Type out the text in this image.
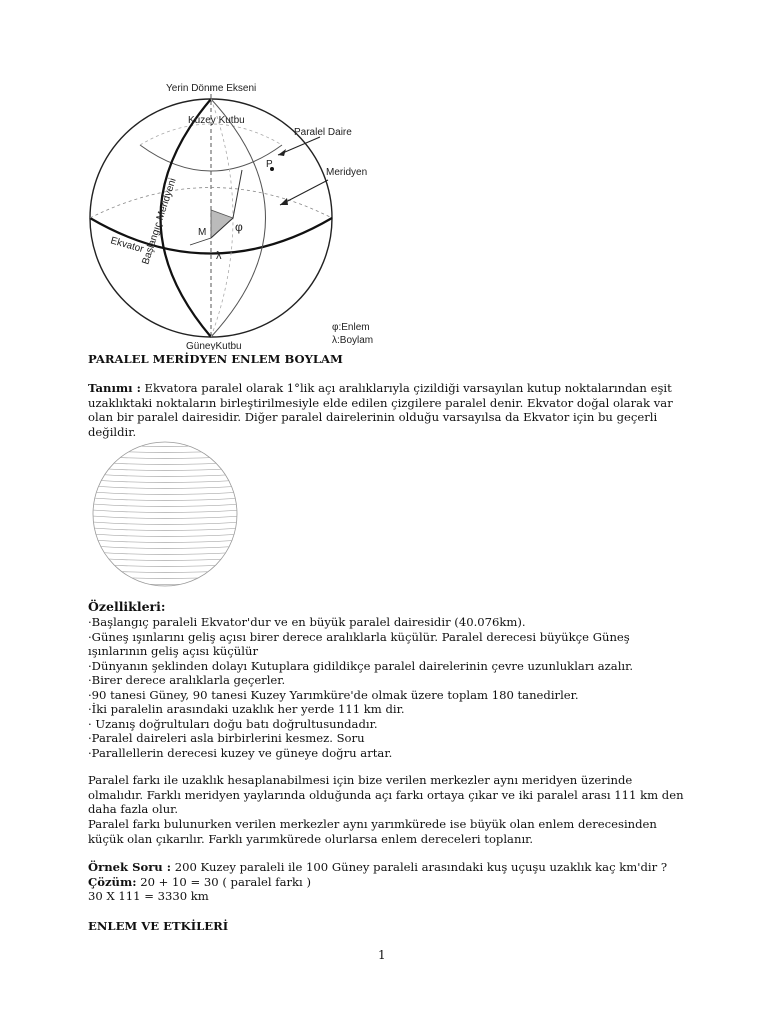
Yerin Dönme Ekseni
Kuzey Kutbu
Paralel Daire
P
Meridyen
Başlangıç Meridyeni M φ
λ
Ekvator
GüneyKutbu
φ:Enlem
λ:Boylam
PARALEL MERİDYEN ENLEM BOYLAM
Tanımı : Ekvatora paralel olarak 1°lik açı aralıklarıyla çizildiği varsayılan kutup noktalarından eşit uzaklıktaki noktaların birleştirilmesiyle elde edilen çizgilere paralel denir. Ekvator doğal olarak var olan bir paralel dairesidir. Diğer paralel dairelerinin olduğu varsayılsa da Ekvator için bu geçerli değildir.
Özellikleri:
·Başlangıç paraleli Ekvator'dur ve en büyük paralel dairesidir (40.076km).
·Güneş ışınlarını geliş açısı birer derece aralıklarla küçülür. Paralel derecesi büyükçe Güneş ışınlarının geliş açısı küçülür
·Dünyanın şeklinden dolayı Kutuplara gidildikçe paralel dairelerinin çevre uzunlukları azalır.
·Birer derece aralıklarla geçerler.
·90 tanesi Güney, 90 tanesi Kuzey Yarımküre'de olmak üzere toplam 180 tanedirler.
·İki paralelin arasındaki uzaklık her yerde 111 km dir.
· Uzanış doğrultuları doğu batı doğrultusundadır.
·Paralel daireleri asla birbirlerini kesmez. Soru
·Parallellerin derecesi kuzey ve güneye doğru artar.
Paralel farkı ile uzaklık hesaplanabilmesi için bize verilen merkezler aynı meridyen üzerinde olmalıdır. Farklı meridyen yaylarında olduğunda açı farkı ortaya çıkar ve iki paralel arası 111 km den daha fazla olur.
Paralel farkı bulunurken verilen merkezler aynı yarımkürede ise büyük olan enlem derecesinden küçük olan çıkarılır. Farklı yarımkürede olurlarsa enlem dereceleri toplanır.
Örnek Soru : 200 Kuzey paraleli ile 100 Güney paraleli arasındaki kuş uçuşu uzaklık kaç km'dir ? Çözüm: 20 + 10 = 30 ( paralel farkı )
30 X 111 = 3330 km
ENLEM VE ETKİLERİ
1
